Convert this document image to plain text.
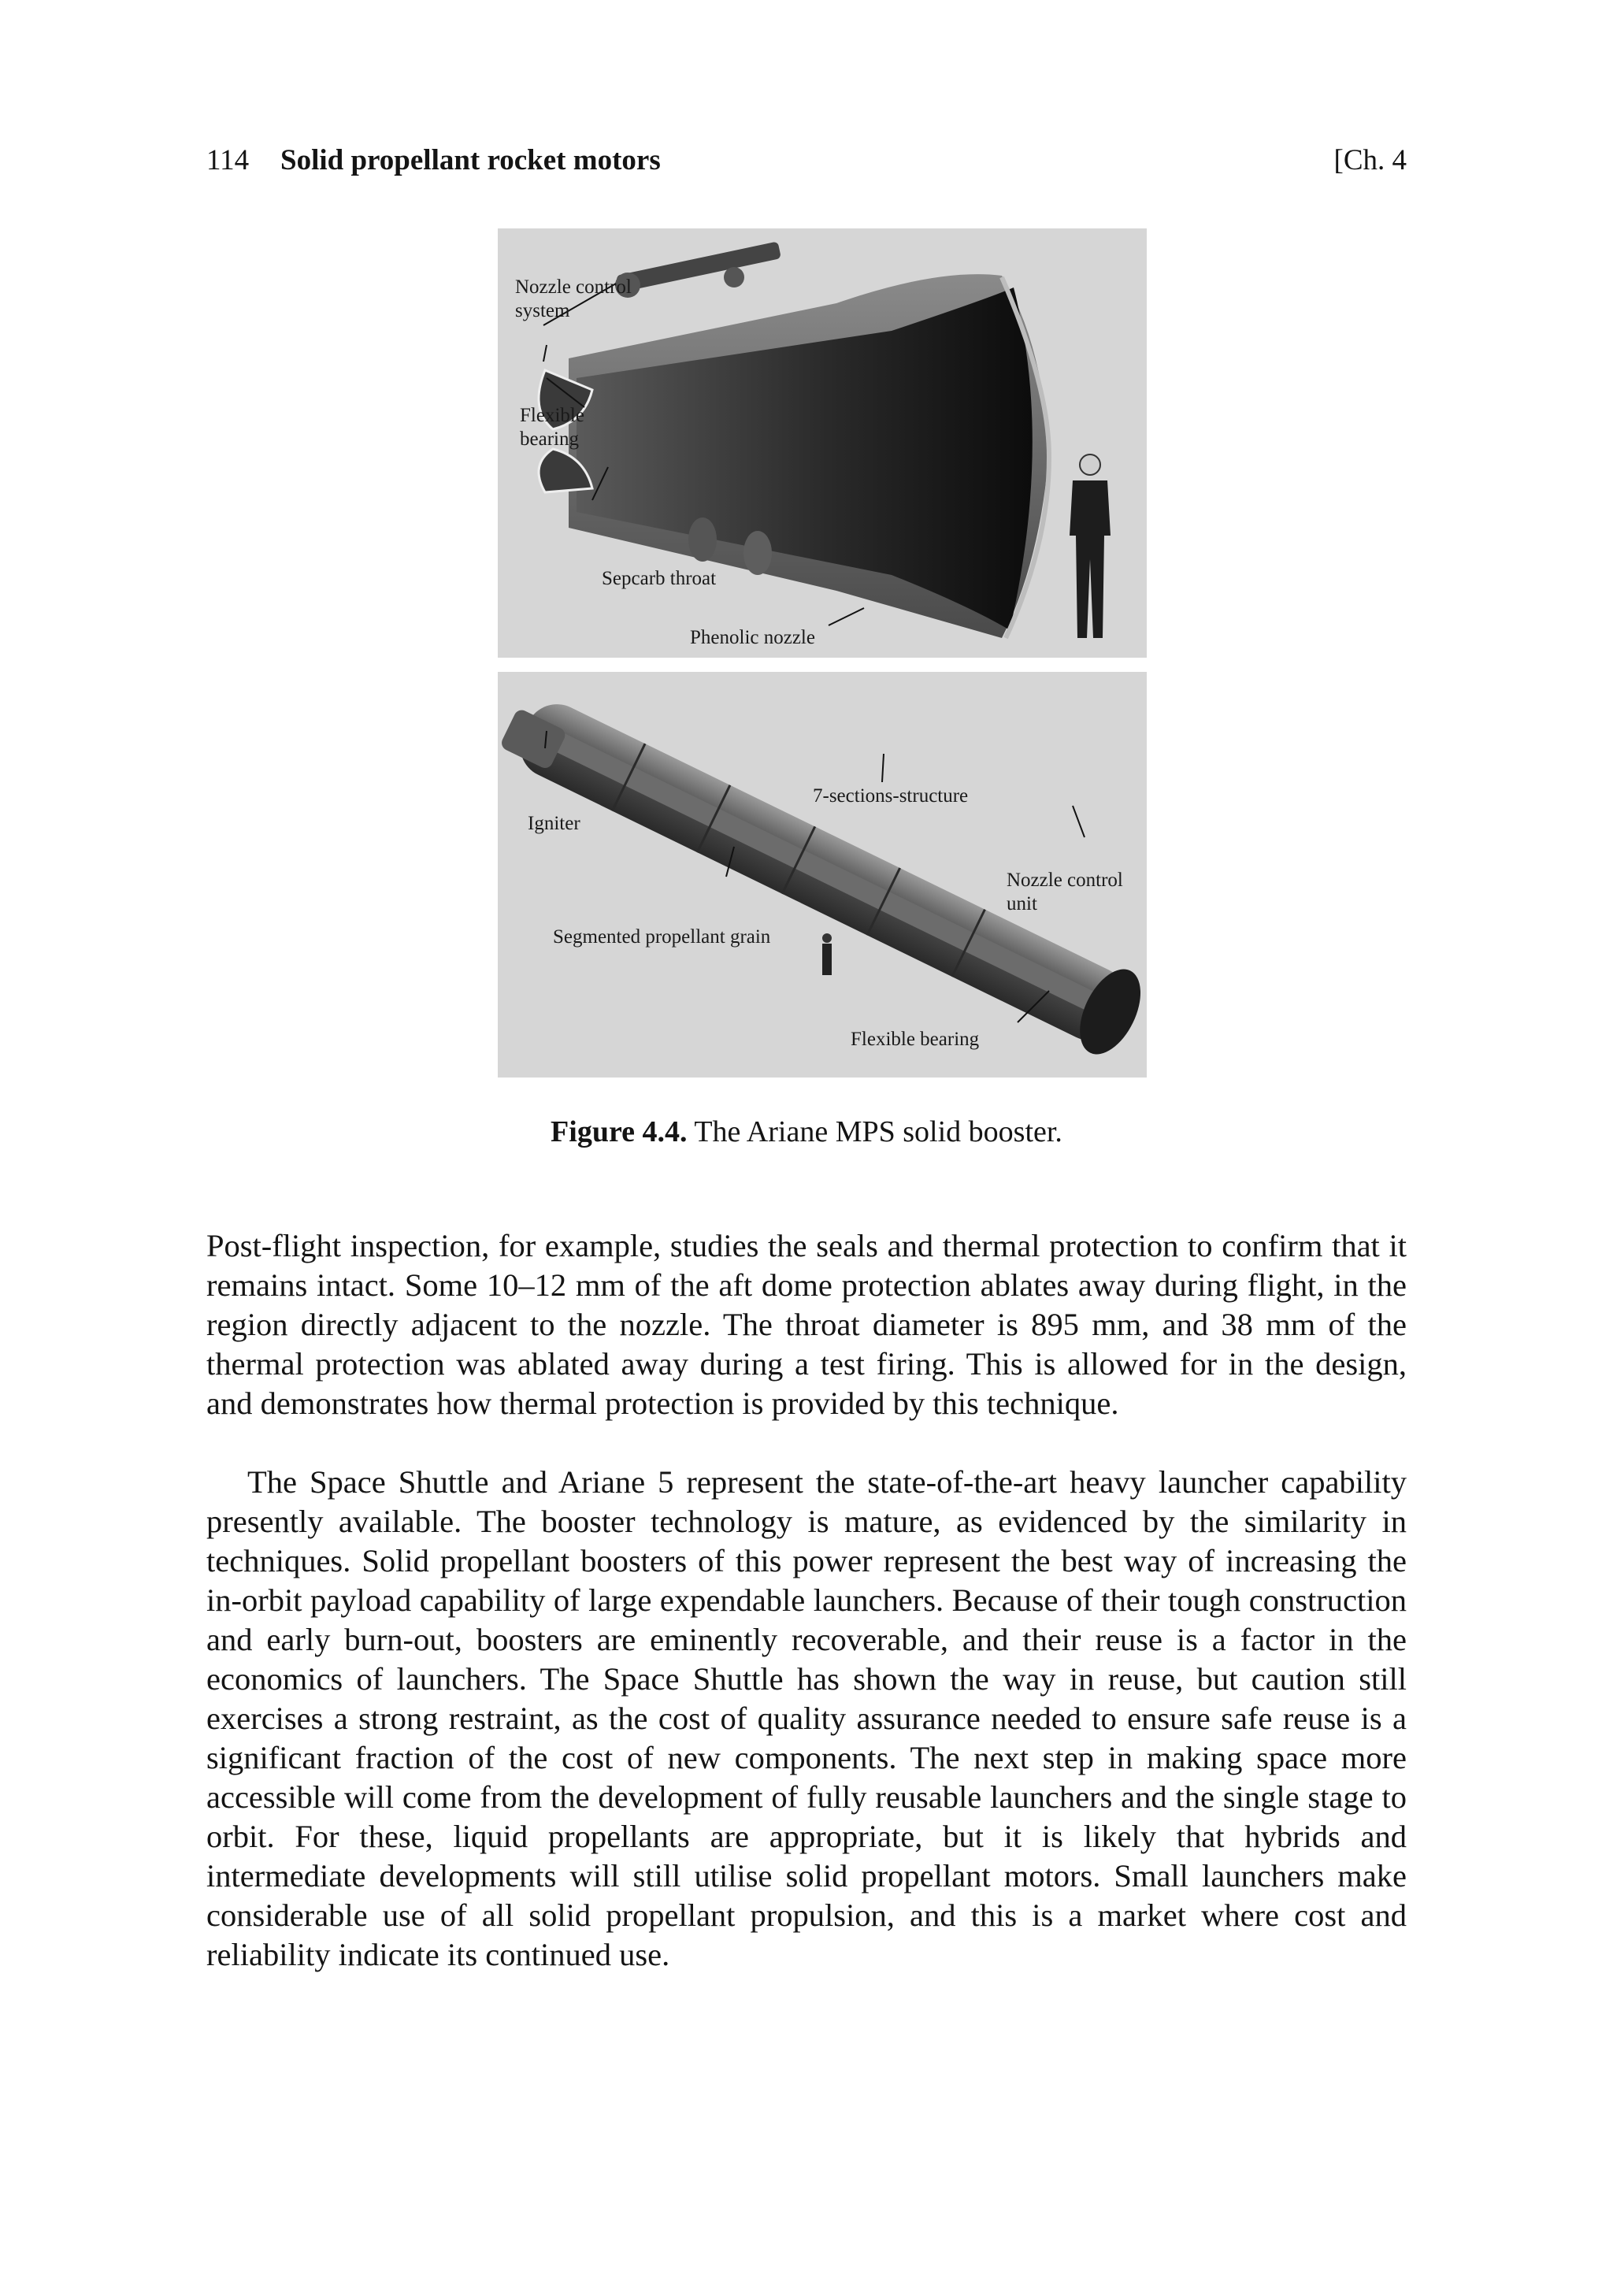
114 Solid propellant rocket motors	[Ch. 4
Nozzle control
system
Flexible
bearing
Sepcarb throat
Phenolic nozzle
Igniter
7-sections-structure
Nozzle control
unit
Segmented propellant grain
Flexible bearing
Figure 4.4. The Ariane MPS solid booster.

Post-flight inspection, for example, studies the seals and thermal protection to confirm that it remains intact. Some 10–12 mm of the aft dome protection ablates away during flight, in the region directly adjacent to the nozzle. The throat diameter is 895 mm, and 38 mm of the thermal protection was ablated away during a test firing. This is allowed for in the design, and demonstrates how thermal protection is provided by this technique.

The Space Shuttle and Ariane 5 represent the state-of-the-art heavy launcher capability presently available. The booster technology is mature, as evidenced by the similarity in techniques. Solid propellant boosters of this power represent the best way of increasing the in-orbit payload capability of large expendable launchers. Because of their tough construction and early burn-out, boosters are eminently recoverable, and their reuse is a factor in the economics of launchers. The Space Shuttle has shown the way in reuse, but caution still exercises a strong restraint, as the cost of quality assurance needed to ensure safe reuse is a significant fraction of the cost of new components. The next step in making space more accessible will come from the development of fully reusable launchers and the single stage to orbit. For these, liquid propellants are appropriate, but it is likely that hybrids and intermediate developments will still utilise solid propellant motors. Small launchers make considerable use of all solid propellant propulsion, and this is a market where cost and reliability indicate its continued use.
